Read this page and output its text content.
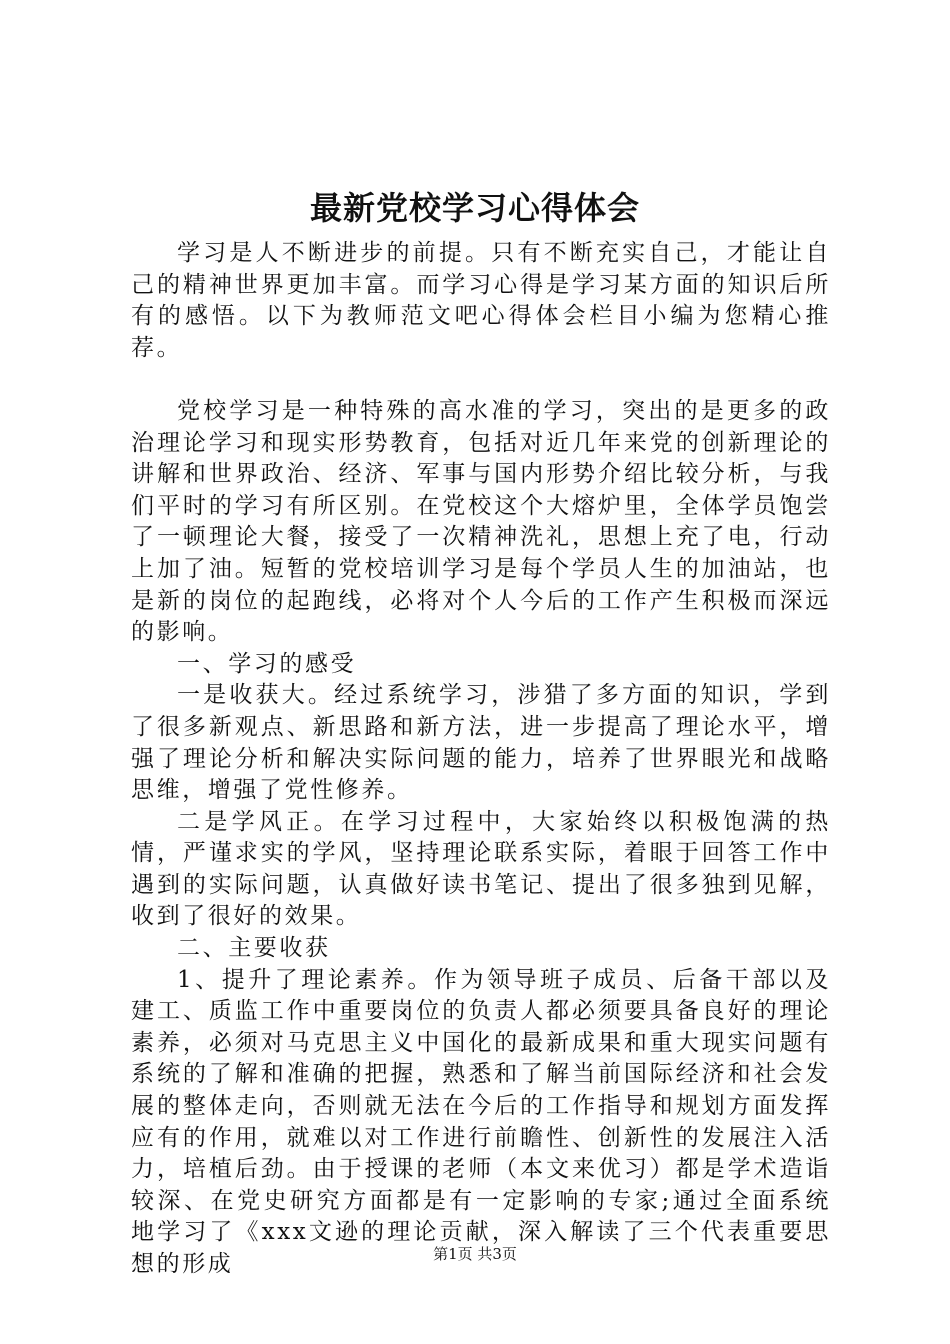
最新党校学习心得体会

学习是人不断进步的前提。只有不断充实自己，才能让自己的精神世界更加丰富。而学习心得是学习某方面的知识后所有的感悟。以下为教师范文吧心得体会栏目小编为您精心推荐。

党校学习是一种特殊的高水准的学习，突出的是更多的政治理论学习和现实形势教育，包括对近几年来党的创新理论的讲解和世界政治、经济、军事与国内形势介绍比较分析，与我们平时的学习有所区别。在党校这个大熔炉里，全体学员饱尝了一顿理论大餐，接受了一次精神洗礼，思想上充了电，行动上加了油。短暂的党校培训学习是每个学员人生的加油站，也是新的岗位的起跑线，必将对个人今后的工作产生积极而深远的影响。

一、学习的感受

一是收获大。经过系统学习，涉猎了多方面的知识，学到了很多新观点、新思路和新方法，进一步提高了理论水平，增强了理论分析和解决实际问题的能力，培养了世界眼光和战略思维，增强了党性修养。

二是学风正。在学习过程中，大家始终以积极饱满的热情，严谨求实的学风，坚持理论联系实际，着眼于回答工作中遇到的实际问题，认真做好读书笔记、提出了很多独到见解，收到了很好的效果。

二、主要收获

1、提升了理论素养。作为领导班子成员、后备干部以及建工、质监工作中重要岗位的负责人都必须要具备良好的理论素养，必须对马克思主义中国化的最新成果和重大现实问题有系统的了解和准确的把握，熟悉和了解当前国际经济和社会发展的整体走向，否则就无法在今后的工作指导和规划方面发挥应有的作用，就难以对工作进行前瞻性、创新性的发展注入活力，培植后劲。由于授课的老师（本文来优习）都是学术造诣较深、在党史研究方面都是有一定影响的专家;通过全面系统地学习了《xxx文逊的理论贡献，深入解读了三个代表重要思想的形成	第1页 共3页
